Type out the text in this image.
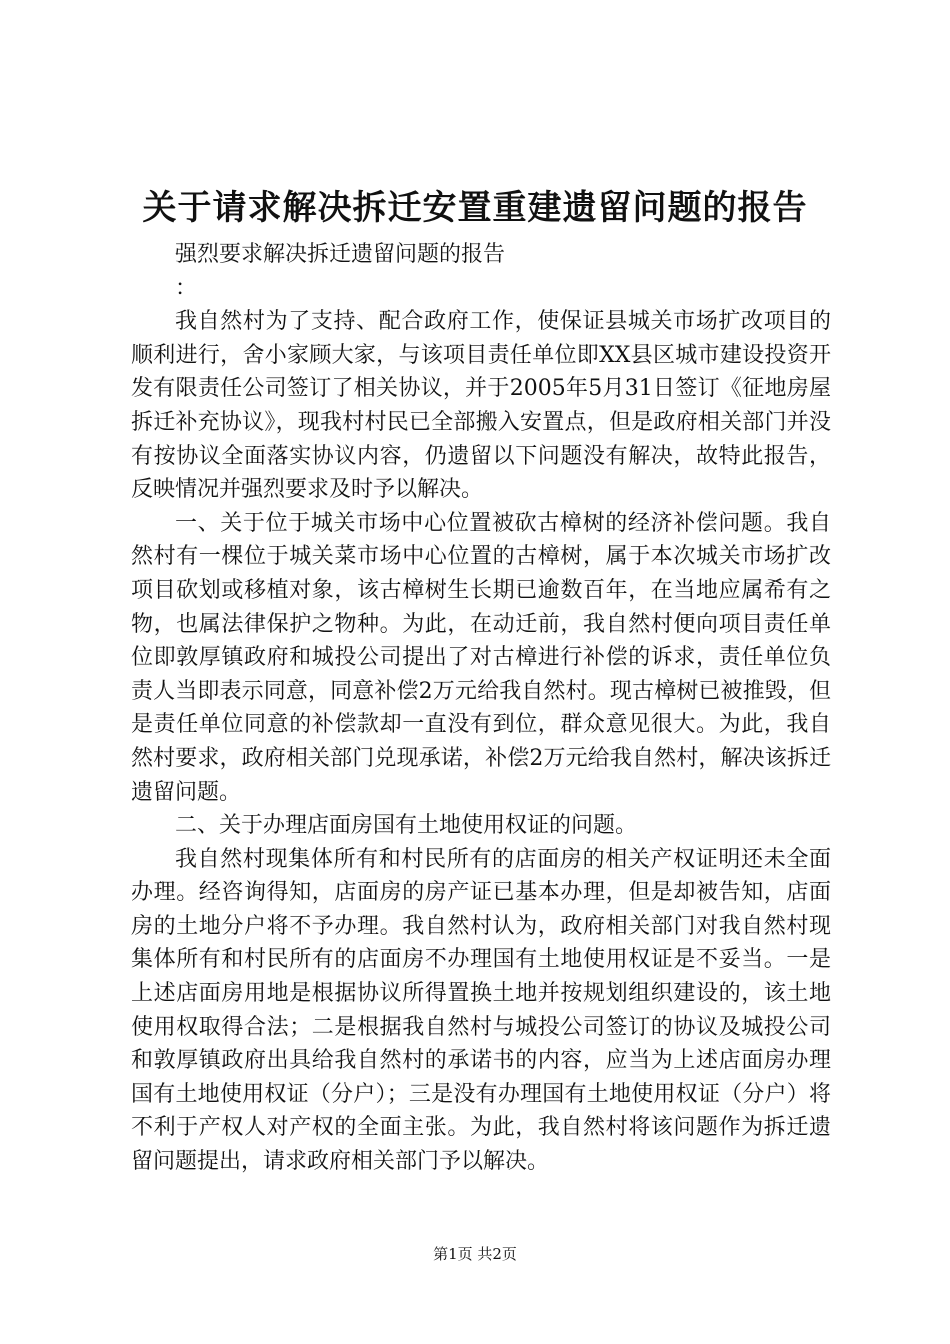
关于请求解决拆迁安置重建遗留问题的报告

强烈要求解决拆迁遗留问题的报告

：

我自然村为了支持、配合政府工作，使保证县城关市场扩改项目的顺利进行，舍小家顾大家，与该项目责任单位即XX县区城市建设投资开发有限责任公司签订了相关协议，并于2005年5月31日签订《征地房屋拆迁补充协议》，现我村村民已全部搬入安置点，但是政府相关部门并没有按协议全面落实协议内容，仍遗留以下问题没有解决，故特此报告，反映情况并强烈要求及时予以解决。

一、关于位于城关市场中心位置被砍古樟树的经济补偿问题。我自然村有一棵位于城关菜市场中心位置的古樟树，属于本次城关市场扩改项目砍划或移植对象，该古樟树生长期已逾数百年，在当地应属希有之物，也属法律保护之物种。为此，在动迁前，我自然村便向项目责任单位即敦厚镇政府和城投公司提出了对古樟进行补偿的诉求，责任单位负责人当即表示同意，同意补偿2万元给我自然村。现古樟树已被推毁，但是责任单位同意的补偿款却一直没有到位，群众意见很大。为此，我自然村要求，政府相关部门兑现承诺，补偿2万元给我自然村，解决该拆迁遗留问题。

二、关于办理店面房国有土地使用权证的问题。

我自然村现集体所有和村民所有的店面房的相关产权证明还未全面办理。经咨询得知，店面房的房产证已基本办理，但是却被告知，店面房的土地分户将不予办理。我自然村认为，政府相关部门对我自然村现集体所有和村民所有的店面房不办理国有土地使用权证是不妥当。一是上述店面房用地是根据协议所得置换土地并按规划组织建设的，该土地使用权取得合法；二是根据我自然村与城投公司签订的协议及城投公司和敦厚镇政府出具给我自然村的承诺书的内容，应当为上述店面房办理国有土地使用权证（分户）；三是没有办理国有土地使用权证（分户）将不利于产权人对产权的全面主张。为此，我自然村将该问题作为拆迁遗留问题提出，请求政府相关部门予以解决。

第1页 共2页
